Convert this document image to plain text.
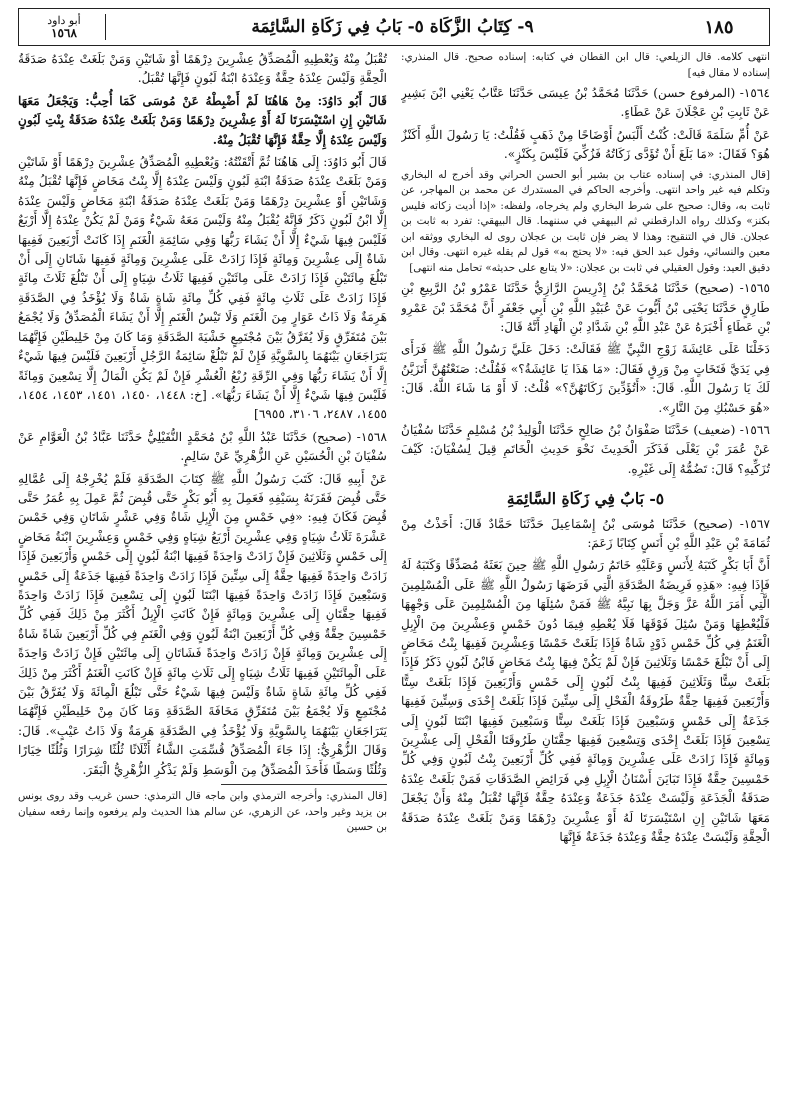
١٨٥
٩- كِتَابُ الزَّكَاة ٥- بَابُ فِي زَكَاةِ السَّائِمَة
أبو داود
١٥٦٨

انتهى كلامه. قال الزيلعي: قال ابن القطان في كتابه: إسناده صحيح. قال المنذري: إسناده لا مقال فيه]

١٥٦٤- (المرفوع حسن) حَدَّثَنَا مُحَمَّدُ بْنُ عِيسَى حَدَّثَنَا عَتَّابٌ يَعْنِي ابْنَ بَشِيرٍ عَنْ ثَابِتِ بْنِ عَجْلَانَ عَنْ عَطَاءٍ.

عَنْ أُمِّ سَلَمَةَ قَالَتْ: كُنْتُ أَلْبَسُ أَوْضَاحًا مِنْ ذَهَبٍ فَقُلْتُ: يَا رَسُولَ اللَّهِ أَكَنْزٌ هُوَ؟ فَقَالَ: «مَا بَلَغَ أَنْ تُؤَدَّى زَكَاتُهُ فَزُكِّيَ فَلَيْسَ بِكَنْزٍ».

[قال المنذري: في إسناده عتاب بن بشير أبو الحسن الحراني وقد أخرج له البخاري وتكلم فيه غير واحد انتهى. وأخرجه الحاكم في المستدرك عن محمد بن المهاجر، عن ثابت به، وقال: صحيح على شرط البخاري ولم يخرجاه، ولفظه: «إذا أديت زكاته فليس بكنز» وكذلك رواه الدارقطني ثم البيهقي في سننهما. قال البيهقي: تفرد به ثابت بن عجلان. قال في التنقيح: وهذا لا يضر فإن ثابت بن عجلان روى له البخاري ووثقه ابن معين والنسائي، وقول عبد الحق فيه: «لا يحتج به» قول لم يقله غيره انتهى. وقال ابن دقيق العيد: وقول العقيلي في ثابت بن عجلان: «لا يتابع على حديثه» تحامل منه انتهى]

١٥٦٥- (صحيح) حَدَّثَنَا مُحَمَّدُ بْنُ إِدْرِيسَ الرَّازِيُّ حَدَّثَنَا عَمْرُو بْنُ الرَّبِيعِ بْنِ طَارِقٍ حَدَّثَنَا يَحْيَى بْنُ أَيُّوبَ عَنْ عُبَيْدِ اللَّهِ بْنِ أَبِي جَعْفَرٍ أَنَّ مُحَمَّدَ بْنَ عَمْرِو بْنِ عَطَاءٍ أَخْبَرَهُ عَنْ عَبْدِ اللَّهِ بْنِ شَدَّادِ بْنِ الْهَادِ أَنَّهُ قَالَ:

دَخَلْنَا عَلَى عَائِشَةَ زَوْجِ النَّبِيِّ ﷺ فَقَالَتْ: دَخَلَ عَلَيَّ رَسُولُ اللَّهِ ﷺ فَرَأَى فِي يَدَيَّ فَتَخَاتٍ مِنْ وَرِقٍ فَقَالَ: «مَا هَذَا يَا عَائِشَةُ؟» فَقُلْتُ: صَنَعْتُهُنَّ أَتَزَيَّنُ لَكَ يَا رَسُولَ اللَّهِ. قَالَ: «أَتُؤَدِّينَ زَكَاتَهُنَّ؟» قُلْتُ: لَا أَوْ مَا شَاءَ اللَّهُ. قَالَ: «هُوَ حَسْبُكِ مِنَ النَّارِ».

١٥٦٦- (ضعيف) حَدَّثَنَا صَفْوَانُ بْنُ صَالِحٍ حَدَّثَنَا الْوَلِيدُ بْنُ مُسْلِمٍ حَدَّثَنَا سُفْيَانُ عَنْ عُمَرَ بْنِ يَعْلَى فَذَكَرَ الْحَدِيثَ نَحْوَ حَدِيثِ الْخَاتَمِ قِيلَ لِسُفْيَانَ: كَيْفَ تُزَكِّيهِ؟ قَالَ: تَضُمُّهُ إِلَى غَيْرِهِ.

٥- بَابٌ فِي زَكَاةِ السَّائِمَةِ

١٥٦٧- (صحيح) حَدَّثَنَا مُوسَى بْنُ إِسْمَاعِيلَ حَدَّثَنَا حَمَّادٌ قَالَ: أَخَذْتُ مِنْ ثُمَامَةَ بْنِ عَبْدِ اللَّهِ بْنِ أَنَسٍ كِتَابًا زَعَمَ:

أَنَّ أَبَا بَكْرٍ كَتَبَهُ لِأَنَسٍ وَعَلَيْهِ خَاتَمُ رَسُولِ اللَّهِ ﷺ حِينَ بَعَثَهُ مُصَدِّقًا وَكَتَبَهُ لَهُ فَإِذَا فِيهِ: «هَذِهِ فَرِيضَةُ الصَّدَقَةِ الَّتِي فَرَضَهَا رَسُولُ اللَّهِ ﷺ عَلَى الْمُسْلِمِينَ الَّتِي أَمَرَ اللَّهُ عَزَّ وَجَلَّ بِهَا نَبِيَّهُ ﷺ فَمَنْ سُئِلَهَا مِنَ الْمُسْلِمِينَ عَلَى وَجْهِهَا فَلْيُعْطِهَا وَمَنْ سُئِلَ فَوْقَهَا فَلَا يُعْطِهِ فِيمَا دُونَ خَمْسٍ وَعِشْرِينَ مِنَ الْإِبِلِ الْغَنَمُ فِي كُلِّ خَمْسِ ذَوْدٍ شَاةٌ فَإِذَا بَلَغَتْ خَمْسًا وَعِشْرِينَ فَفِيهَا بِنْتُ مَخَاضٍ إِلَى أَنْ تَبْلُغَ خَمْسًا وَثَلَاثِينَ فَإِنْ لَمْ يَكُنْ فِيهَا بِنْتُ مَخَاضٍ فَابْنُ لَبُونٍ ذَكَرٌ فَإِذَا بَلَغَتْ سِتًّا وَثَلَاثِينَ فَفِيهَا بِنْتُ لَبُونٍ إِلَى خَمْسٍ وَأَرْبَعِينَ فَإِذَا بَلَغَتْ سِتًّا وَأَرْبَعِينَ فَفِيهَا حِقَّةٌ طَرُوقَةُ الْفَحْلِ إِلَى سِتِّينَ فَإِذَا بَلَغَتْ إِحْدَى وَسِتِّينَ فَفِيهَا جَذَعَةٌ إِلَى خَمْسٍ وَسَبْعِينَ فَإِذَا بَلَغَتْ سِتًّا وَسَبْعِينَ فَفِيهَا ابْنَتَا لَبُونٍ إِلَى تِسْعِينَ فَإِذَا بَلَغَتْ إِحْدَى وَتِسْعِينَ فَفِيهَا حِقَّتَانِ طَرُوقَتَا الْفَحْلِ إِلَى عِشْرِينَ وَمِائَةٍ فَإِذَا زَادَتْ عَلَى عِشْرِينَ وَمِائَةٍ فَفِي كُلِّ أَرْبَعِينَ بِنْتُ لَبُونٍ وَفِي كُلِّ خَمْسِينَ حِقَّةٌ فَإِذَا تَبَايَنَ أَسْنَانُ الْإِبِلِ فِي فَرَائِضِ الصَّدَقَاتِ فَمَنْ بَلَغَتْ عِنْدَهُ صَدَقَةُ الْجَذَعَةِ وَلَيْسَتْ عِنْدَهُ جَذَعَةٌ وَعِنْدَهُ حِقَّةٌ فَإِنَّهَا تُقْبَلُ مِنْهُ وَأَنْ يَجْعَلَ مَعَهَا شَاتَيْنِ إِنِ اسْتَيْسَرَتَا لَهُ أَوْ عِشْرِينَ دِرْهَمًا وَمَنْ بَلَغَتْ عِنْدَهُ صَدَقَةُ الْحِقَّةِ وَلَيْسَتْ عِنْدَهُ حِقَّةٌ وَعِنْدَهُ جَذَعَةٌ فَإِنَّهَا

تُقْبَلُ مِنْهُ وَيُعْطِيهِ الْمُصَدِّقُ عِشْرِينَ دِرْهَمًا أَوْ شَاتَيْنِ وَمَنْ بَلَغَتْ عِنْدَهُ صَدَقَةُ الْحِقَّةِ وَلَيْسَ عِنْدَهُ حِقَّةٌ وَعِنْدَهُ ابْنَةُ لَبُونٍ فَإِنَّهَا تُقْبَلُ.

قَالَ أَبُو دَاوُدَ: مِنْ هَاهُنَا لَمْ أَضْبِطْهُ عَنْ مُوسَى كَمَا أُحِبُّ: وَيَجْعَلُ مَعَهَا شَاتَيْنِ إِنِ اسْتَيْسَرَتَا لَهُ أَوْ عِشْرِينَ دِرْهَمًا وَمَنْ بَلَغَتْ عِنْدَهُ صَدَقَةُ بِنْتِ لَبُونٍ وَلَيْسَ عِنْدَهُ إِلَّا حِقَّةٌ فَإِنَّهَا تُقْبَلُ مِنْهُ.

قَالَ أَبُو دَاوُدَ: إِلَى هَاهُنَا ثُمَّ أَتْقَنْتُهُ: وَيُعْطِيهِ الْمُصَدِّقُ عِشْرِينَ دِرْهَمًا أَوْ شَاتَيْنِ وَمَنْ بَلَغَتْ عِنْدَهُ صَدَقَةُ ابْنَةِ لَبُونٍ وَلَيْسَ عِنْدَهُ إِلَّا بِنْتُ مَخَاضٍ فَإِنَّهَا تُقْبَلُ مِنْهُ وَشَاتَيْنِ أَوْ عِشْرِينَ دِرْهَمًا وَمَنْ بَلَغَتْ عِنْدَهُ صَدَقَةُ ابْنَةِ مَخَاضٍ وَلَيْسَ عِنْدَهُ إِلَّا ابْنُ لَبُونٍ ذَكَرٌ فَإِنَّهُ يُقْبَلُ مِنْهُ وَلَيْسَ مَعَهُ شَيْءٌ وَمَنْ لَمْ يَكُنْ عِنْدَهُ إِلَّا أَرْبَعٌ فَلَيْسَ فِيهَا شَيْءٌ إِلَّا أَنْ يَشَاءَ رَبُّهَا وَفِي سَائِمَةِ الْغَنَمِ إِذَا كَانَتْ أَرْبَعِينَ فَفِيهَا شَاةٌ إِلَى عِشْرِينَ وَمِائَةٍ فَإِذَا زَادَتْ عَلَى عِشْرِينَ وَمِائَةٍ فَفِيهَا شَاتَانِ إِلَى أَنْ تَبْلُغَ مِائَتَيْنِ فَإِذَا زَادَتْ عَلَى مِائَتَيْنِ فَفِيهَا ثَلَاثُ شِيَاهٍ إِلَى أَنْ تَبْلُغَ ثَلَاثَ مِائَةٍ فَإِذَا زَادَتْ عَلَى ثَلَاثِ مِائَةٍ فَفِي كُلِّ مِائَةِ شَاةٍ شَاةٌ وَلَا يُؤْخَذُ فِي الصَّدَقَةِ هَرِمَةٌ وَلَا ذَاتُ عَوَارٍ مِنَ الْغَنَمِ وَلَا تَيْسُ الْغَنَمِ إِلَّا أَنْ يَشَاءَ الْمُصَدِّقُ وَلَا يُجْمَعُ بَيْنَ مُتَفَرِّقٍ وَلَا يُفَرَّقُ بَيْنَ مُجْتَمِعٍ خَشْيَةَ الصَّدَقَةِ وَمَا كَانَ مِنْ خَلِيطَيْنِ فَإِنَّهُمَا يَتَرَاجَعَانِ بَيْنَهُمَا بِالسَّوِيَّةِ فَإِنْ لَمْ تَبْلُغْ سَائِمَةُ الرَّجُلِ أَرْبَعِينَ فَلَيْسَ فِيهَا شَيْءٌ إِلَّا أَنْ يَشَاءَ رَبُّهَا وَفِي الرِّقَةِ رُبْعُ الْعُشْرِ فَإِنْ لَمْ يَكُنِ الْمَالُ إِلَّا تِسْعِينَ وَمِائَةً فَلَيْسَ فِيهَا شَيْءٌ إِلَّا أَنْ يَشَاءَ رَبُّهَا». [خ: ١٤٤٨، ١٤٥٠، ١٤٥١، ١٤٥٣، ١٤٥٤، ١٤٥٥، ٢٤٨٧، ٣١٠٦، ٦٩٥٥]

١٥٦٨- (صحيح) حَدَّثَنَا عَبْدُ اللَّهِ بْنُ مُحَمَّدٍ النُّفَيْلِيُّ حَدَّثَنَا عَبَّادُ بْنُ الْعَوَّامِ عَنْ سُفْيَانَ بْنِ الْحُسَيْنِ عَنِ الزُّهْرِيِّ عَنْ سَالِمٍ.

عَنْ أَبِيهِ قَالَ: كَتَبَ رَسُولُ اللَّهِ ﷺ كِتَابَ الصَّدَقَةِ فَلَمْ يُخْرِجْهُ إِلَى عُمَّالِهِ حَتَّى قُبِضَ فَقَرَنَهُ بِسَيْفِهِ فَعَمِلَ بِهِ أَبُو بَكْرٍ حَتَّى قُبِضَ ثُمَّ عَمِلَ بِهِ عُمَرُ حَتَّى قُبِضَ فَكَانَ فِيهِ: «فِي خَمْسٍ مِنَ الْإِبِلِ شَاةٌ وَفِي عَشْرٍ شَاتَانِ وَفِي خَمْسَ عَشْرَةَ ثَلَاثُ شِيَاهٍ وَفِي عِشْرِينَ أَرْبَعُ شِيَاهٍ وَفِي خَمْسٍ وَعِشْرِينَ ابْنَةُ مَخَاضٍ إِلَى خَمْسٍ وَثَلَاثِينَ فَإِنْ زَادَتْ وَاحِدَةً فَفِيهَا ابْنَةُ لَبُونٍ إِلَى خَمْسٍ وَأَرْبَعِينَ فَإِذَا زَادَتْ وَاحِدَةً فَفِيهَا حِقَّةٌ إِلَى سِتِّينَ فَإِذَا زَادَتْ وَاحِدَةً فَفِيهَا جَذَعَةٌ إِلَى خَمْسٍ وَسَبْعِينَ فَإِذَا زَادَتْ وَاحِدَةً فَفِيهَا ابْنَتَا لَبُونٍ إِلَى تِسْعِينَ فَإِذَا زَادَتْ وَاحِدَةً فَفِيهَا حِقَّتَانِ إِلَى عِشْرِينَ وَمِائَةٍ فَإِنْ كَانَتِ الْإِبِلُ أَكْثَرَ مِنْ ذَلِكَ فَفِي كُلِّ خَمْسِينَ حِقَّةٌ وَفِي كُلِّ أَرْبَعِينَ ابْنَةُ لَبُونٍ وَفِي الْغَنَمِ فِي كُلِّ أَرْبَعِينَ شَاةً شَاةٌ إِلَى عِشْرِينَ وَمِائَةٍ فَإِنْ زَادَتْ وَاحِدَةً فَشَاتَانِ إِلَى مِائَتَيْنِ فَإِنْ زَادَتْ وَاحِدَةً عَلَى الْمِائَتَيْنِ فَفِيهَا ثَلَاثُ شِيَاهٍ إِلَى ثَلَاثِ مِائَةٍ فَإِنْ كَانَتِ الْغَنَمُ أَكْثَرَ مِنْ ذَلِكَ فَفِي كُلِّ مِائَةِ شَاةٍ شَاةٌ وَلَيْسَ فِيهَا شَيْءٌ حَتَّى تَبْلُغَ الْمِائَةَ وَلَا يُفَرَّقُ بَيْنَ مُجْتَمِعٍ وَلَا يُجْمَعُ بَيْنَ مُتَفَرِّقٍ مَخَافَةَ الصَّدَقَةِ وَمَا كَانَ مِنْ خَلِيطَيْنِ فَإِنَّهُمَا يَتَرَاجَعَانِ بَيْنَهُمَا بِالسَّوِيَّةِ وَلَا يُؤْخَذُ فِي الصَّدَقَةِ هَرِمَةٌ وَلَا ذَاتُ عَيْبٍ». قَالَ: وَقَالَ الزُّهْرِيُّ: إِذَا جَاءَ الْمُصَدِّقُ قُسِّمَتِ الشَّاءُ أَثْلَاثًا ثُلُثًا شِرَارًا وَثُلُثًا خِيَارًا وَثُلُثًا وَسَطًا فَأَخَذَ الْمُصَدِّقُ مِنَ الْوَسَطِ وَلَمْ يَذْكُرِ الزُّهْرِيُّ الْبَقَرَ.

[قال المنذري: وأخرجه الترمذي وابن ماجه قال الترمذي: حسن غريب وقد روى يونس بن يزيد وغير واحد، عن الزهري، عن سالم هذا الحديث ولم يرفعوه وإنما رفعه سفيان بن حسين
